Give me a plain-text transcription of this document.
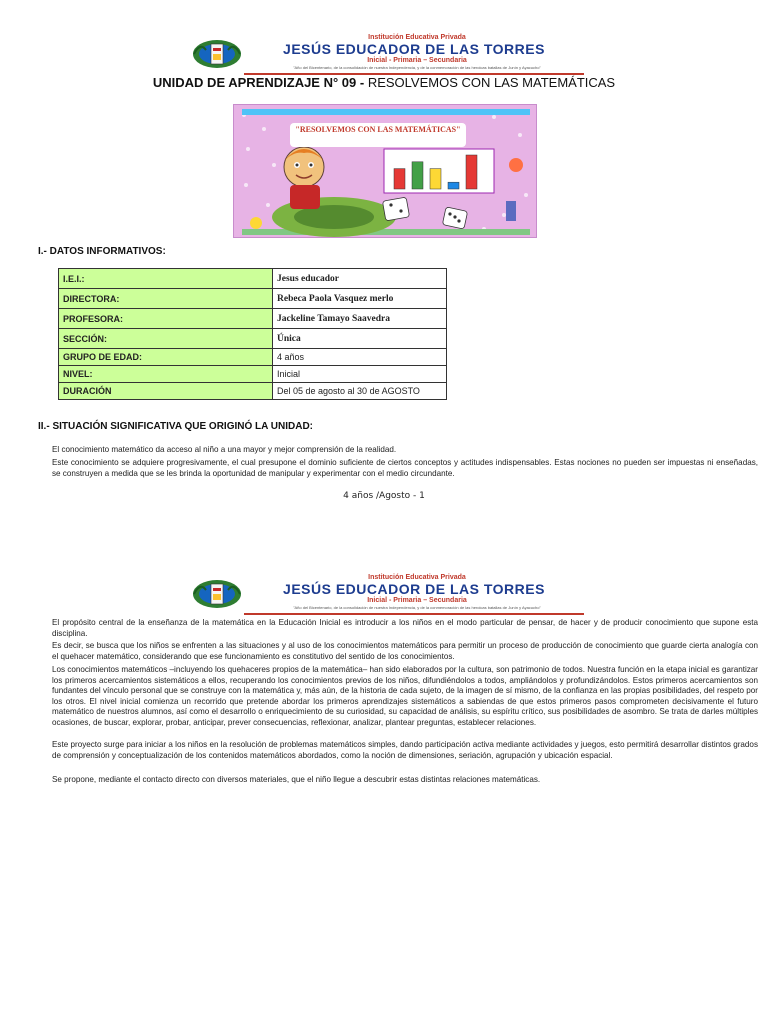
Institución Educativa Privada
JESÚS EDUCADOR DE LAS TORRES
Inicial - Primaria – Secundaria
"Año del Bicentenario, de la consolidación de nuestra Independencia, y de la conmemoración de las heroicas batallas de Junín y Ayacucho"
UNIDAD DE APRENDIZAJE N° 09 - RESOLVEMOS CON LAS MATEMÁTICAS
"RESOLVEMOS CON LAS MATEMÁTICAS"
I.- DATOS INFORMATIVOS:
I.E.I.:	Jesus educador
DIRECTORA:	Rebeca Paola Vasquez merlo
PROFESORA:	Jackeline Tamayo Saavedra
SECCIÓN:	Única
GRUPO DE EDAD:	4 años
NIVEL:	Inicial
DURACIÓN	Del 05 de agosto al 30 de AGOSTO
II.- SITUACIÓN SIGNIFICATIVA QUE ORIGINÓ LA UNIDAD:
El conocimiento matemático da acceso al niño a una mayor y mejor comprensión de la realidad.
Este conocimiento se adquiere progresivamente, el cual presupone el dominio suficiente de ciertos conceptos y actitudes indispensables. Estas nociones no pueden ser impuestas ni enseñadas, se construyen a medida que se les brinda la oportunidad de manipular y experimentar con el medio circundante.
4 años /Agosto - 1
Institución Educativa Privada
JESÚS EDUCADOR DE LAS TORRES
Inicial - Primaria – Secundaria
"Año del Bicentenario, de la consolidación de nuestra Independencia, y de la conmemoración de las heroicas batallas de Junín y Ayacucho"
El propósito central de la enseñanza de la matemática en la Educación Inicial es introducir a los niños en el modo particular de pensar, de hacer y de producir conocimiento que supone esta disciplina.
Es decir, se busca que los niños se enfrenten a las situaciones y al uso de los conocimientos matemáticos para permitir un proceso de producción de conocimiento que guarde cierta analogía con el quehacer matemático, considerando que ese funcionamiento es constitutivo del sentido de los conocimientos.
Los conocimientos matemáticos –incluyendo los quehaceres propios de la matemática– han sido elaborados por la cultura, son patrimonio de todos. Nuestra función en la etapa inicial es garantizar los primeros acercamientos sistemáticos a ellos, recuperando los conocimientos previos de los niños, difundiéndolos a todos, ampliándolos y profundizándolos. Estos primeros acercamientos son fundantes del vínculo personal que se construye con la matemática y, más aún, de la historia de cada sujeto, de la imagen de sí mismo, de la confianza en las propias posibilidades, del respeto por los otros. El nivel inicial comienza un recorrido que pretende abordar los primeros aprendizajes sistemáticos a sabiendas de que estos primeros pasos comprometen decisivamente el futuro matemático de nuestros alumnos, así como el desarrollo o enriquecimiento de su curiosidad, su capacidad de análisis, su espíritu crítico, sus posibilidades de asombro. Se trata de darles múltiples ocasiones, de buscar, explorar, probar, anticipar, prever consecuencias, reflexionar, analizar, plantear preguntas, establecer relaciones.
Este proyecto surge para iniciar a los niños en la resolución de problemas matemáticos simples, dando participación activa mediante actividades y juegos, esto permitirá desarrollar distintos grados de comprensión y conceptualización de los contenidos matemáticos abordados, como la noción de dimensiones, seriación, agrupación y ubicación espacial.
Se propone, mediante el contacto directo con diversos materiales, que el niño llegue a descubrir estas distintas relaciones matemáticas.
